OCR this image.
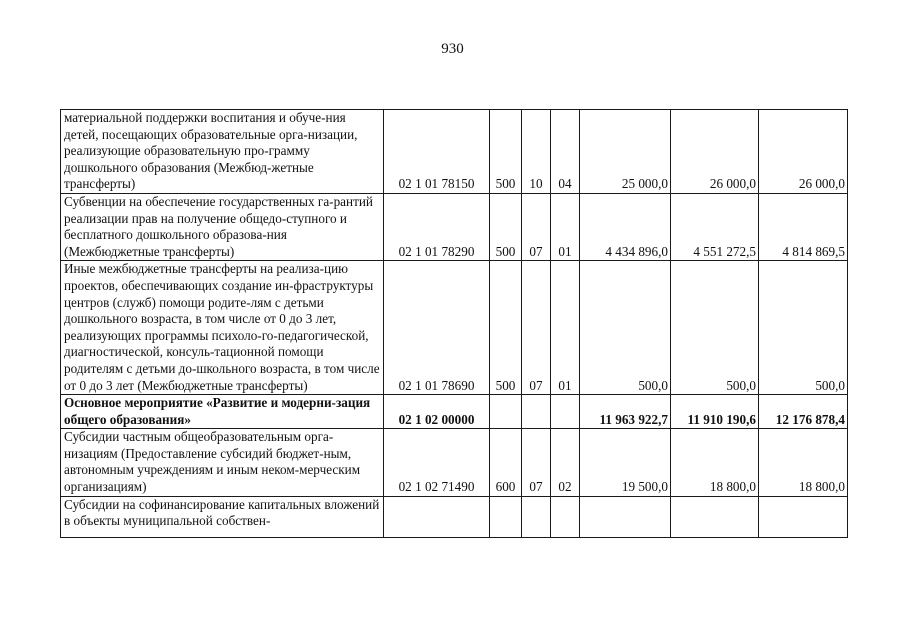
930
материальной поддержки воспитания и обуче-ния детей, посещающих образовательные орга-низации, реализующие образовательную про-грамму дошкольного образования (Межбюд-жетные трансферты)	02 1 01 78150	500	10	04	25 000,0	26 000,0	26 000,0
Субвенции на обеспечение государственных га-рантий реализации прав на получение общедо-ступного и бесплатного дошкольного образова-ния (Межбюджетные трансферты)	02 1 01 78290	500	07	01	4 434 896,0	4 551 272,5	4 814 869,5
Иные межбюджетные трансферты на реализа-цию проектов, обеспечивающих создание ин-фраструктуры центров (служб) помощи родите-лям с детьми дошкольного возраста, в том числе от 0 до 3 лет, реализующих программы психоло-го-педагогической, диагностической, консуль-тационной помощи родителям с детьми до-школьного возраста, в том числе от 0 до 3 лет (Межбюджетные трансферты)	02 1 01 78690	500	07	01	500,0	500,0	500,0
Основное мероприятие «Развитие и модерни-зация общего образования»	02 1 02 00000				11 963 922,7	11 910 190,6	12 176 878,4
Субсидии частным общеобразовательным орга-низациям (Предоставление субсидий бюджет-ным, автономным учреждениям и иным неком-мерческим организациям)	02 1 02 71490	600	07	02	19 500,0	18 800,0	18 800,0
Субсидии на софинансирование капитальных вложений в объекты муниципальной собствен-							
